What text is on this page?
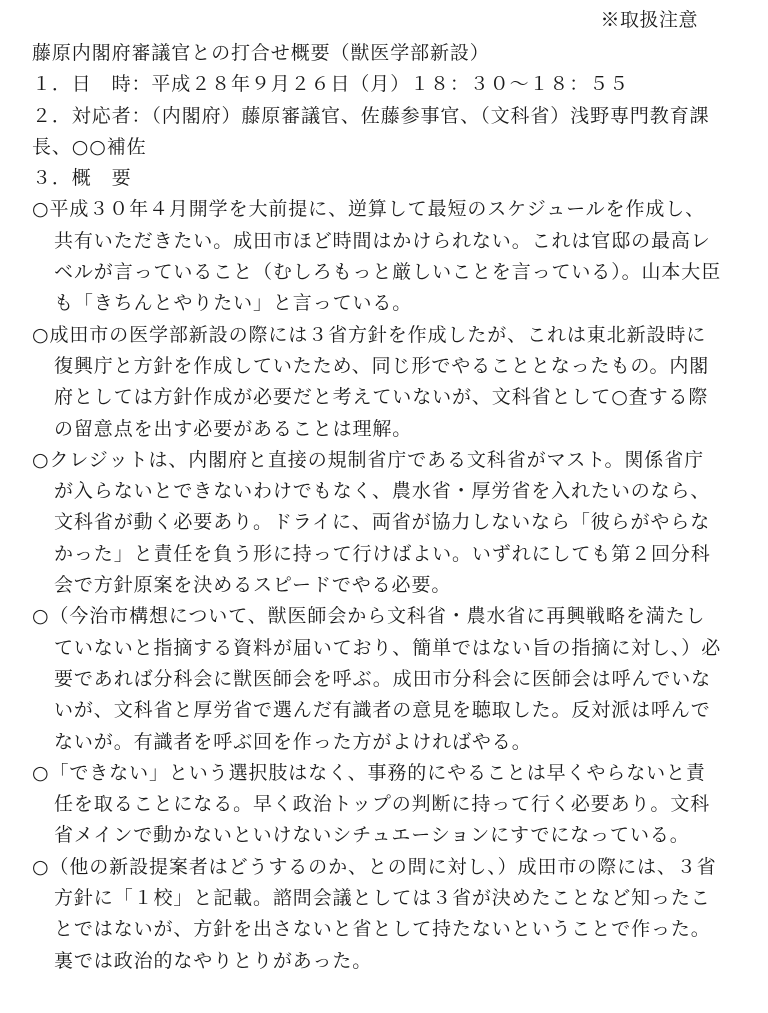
※取扱注意
藤原内閣府審議官との打合せ概要（獣医学部新設）
１．日　時：平成２８年９月２６日（月）１８：３０～１８：５５
２．対応者：（内閣府）藤原審議官、佐藤参事官、（文科省）浅野専門教育課
長、○○補佐
３．概　要
○平成３０年４月開学を大前提に、逆算して最短のスケジュールを作成し、
共有いただきたい。成田市ほど時間はかけられない。これは官邸の最高レ
ベルが言っていること（むしろもっと厳しいことを言っている）。山本大臣
も「きちんとやりたい」と言っている。
○成田市の医学部新設の際には３省方針を作成したが、これは東北新設時に
復興庁と方針を作成していたため、同じ形でやることとなったもの。内閣
府としては方針作成が必要だと考えていないが、文科省として○査する際
の留意点を出す必要があることは理解。
○クレジットは、内閣府と直接の規制省庁である文科省がマスト。関係省庁
が入らないとできないわけでもなく、農水省・厚労省を入れたいのなら、
文科省が動く必要あり。ドライに、両省が協力しないなら「彼らがやらな
かった」と責任を負う形に持って行けばよい。いずれにしても第２回分科
会で方針原案を決めるスピードでやる必要。
○（今治市構想について、獣医師会から文科省・農水省に再興戦略を満たし
ていないと指摘する資料が届いており、簡単ではない旨の指摘に対し、）必
要であれば分科会に獣医師会を呼ぶ。成田市分科会に医師会は呼んでいな
いが、文科省と厚労省で選んだ有識者の意見を聴取した。反対派は呼んで
ないが。有識者を呼ぶ回を作った方がよければやる。
○「できない」という選択肢はなく、事務的にやることは早くやらないと責
任を取ることになる。早く政治トップの判断に持って行く必要あり。文科
省メインで動かないといけないシチュエーションにすでになっている。
○（他の新設提案者はどうするのか、との問に対し、）成田市の際には、３省
方針に「１校」と記載。諮問会議としては３省が決めたことなど知ったこ
とではないが、方針を出さないと省として持たないということで作った。
裏では政治的なやりとりがあった。
